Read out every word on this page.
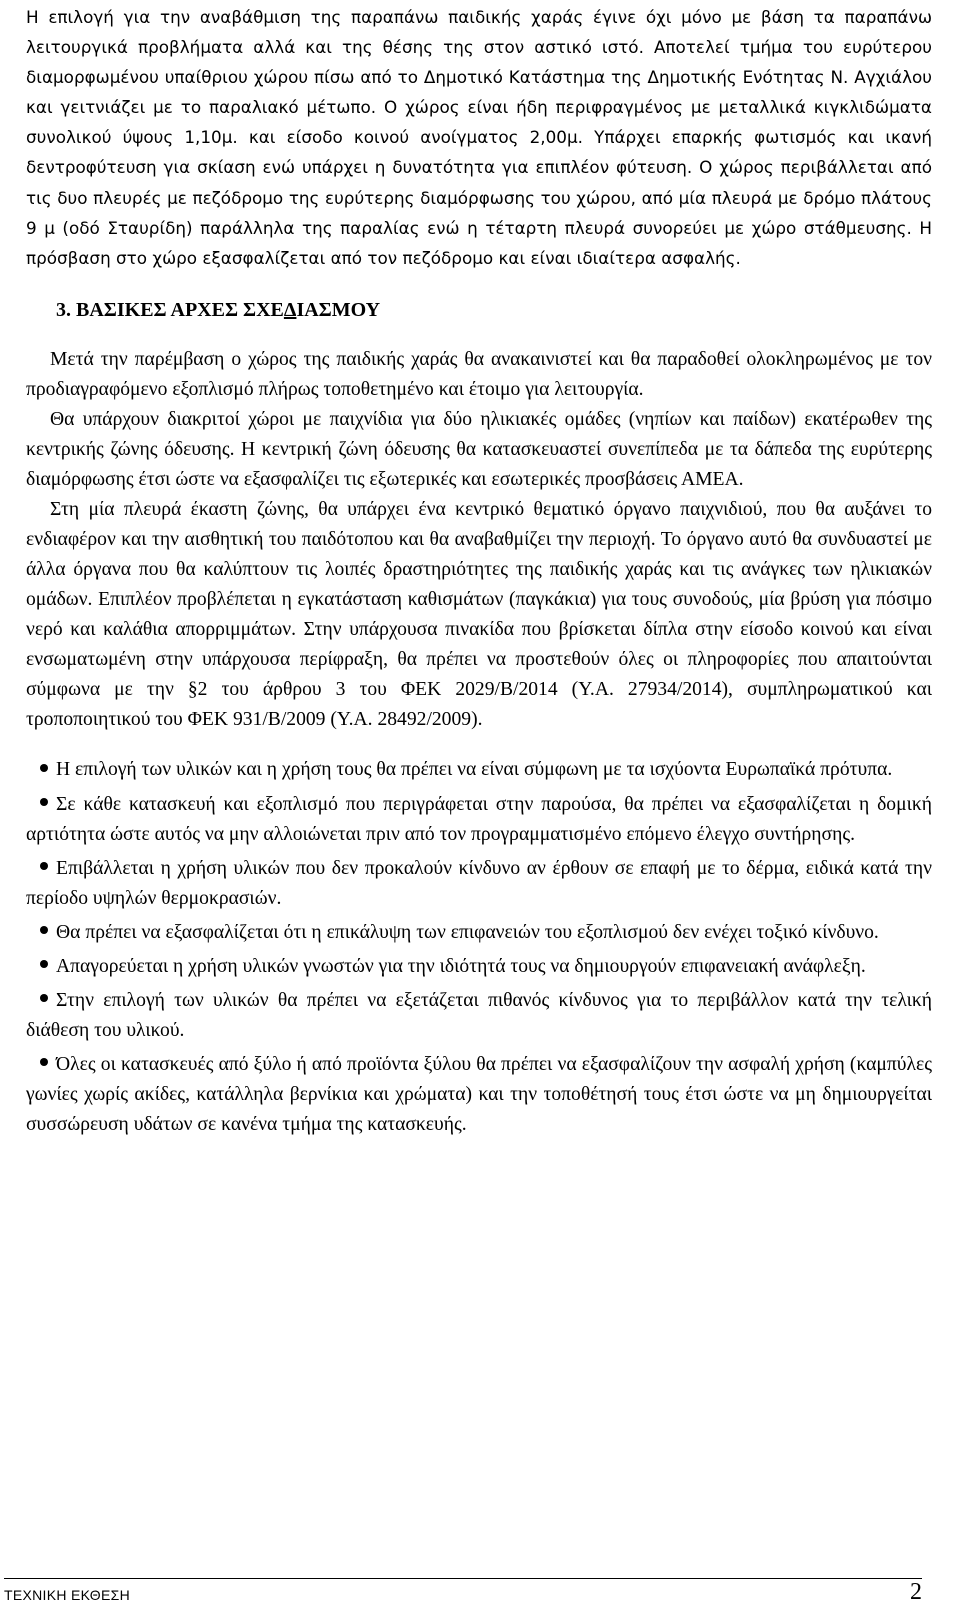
Η επιλογή για την αναβάθμιση της παραπάνω παιδικής χαράς έγινε όχι μόνο με βάση τα παραπάνω λειτουργικά προβλήματα αλλά και της θέσης της στον αστικό ιστό. Αποτελεί τμήμα του ευρύτερου διαμορφωμένου υπαίθριου χώρου πίσω από το Δημοτικό Κατάστημα της Δημοτικής Ενότητας Ν. Αγχιάλου και γειτνιάζει με το παραλιακό μέτωπο. Ο χώρος είναι ήδη περιφραγμένος με μεταλλικά κιγκλιδώματα συνολικού ύψους 1,10μ. και είσοδο κοινού ανοίγματος 2,00μ. Υπάρχει επαρκής φωτισμός και ικανή δεντροφύτευση για σκίαση ενώ υπάρχει η δυνατότητα για επιπλέον φύτευση. Ο χώρος περιβάλλεται από τις δυο πλευρές με πεζόδρομο της ευρύτερης διαμόρφωσης του χώρου, από μία πλευρά με δρόμο πλάτους 9 μ (οδό Σταυρίδη) παράλληλα της παραλίας ενώ η τέταρτη πλευρά συνορεύει με χώρο στάθμευσης. Η πρόσβαση στο χώρο εξασφαλίζεται από τον πεζόδρομο και είναι ιδιαίτερα ασφαλής.

3. ΒΑΣΙΚΕΣ ΑΡΧΕΣ ΣΧΕΔΙΑΣΜΟΥ

Μετά την παρέμβαση ο χώρος της παιδικής χαράς θα ανακαινιστεί και θα παραδοθεί ολοκληρωμένος με τον προδιαγραφόμενο εξοπλισμό πλήρως τοποθετημένο και έτοιμο για λειτουργία.

Θα υπάρχουν διακριτοί χώροι με παιχνίδια για δύο ηλικιακές ομάδες (νηπίων και παίδων) εκατέρωθεν της κεντρικής ζώνης όδευσης. Η κεντρική ζώνη όδευσης θα κατασκευαστεί συνεπίπεδα με τα δάπεδα της ευρύτερης διαμόρφωσης έτσι ώστε να εξασφαλίζει τις εξωτερικές και εσωτερικές προσβάσεις ΑΜΕΑ.

Στη μία πλευρά έκαστη ζώνης, θα υπάρχει ένα κεντρικό θεματικό όργανο παιχνιδιού, που θα αυξάνει το ενδιαφέρον και την αισθητική του παιδότοπου και θα αναβαθμίζει την περιοχή. Το όργανο αυτό θα συνδυαστεί με άλλα όργανα που θα καλύπτουν τις λοιπές δραστηριότητες της παιδικής χαράς και τις ανάγκες των ηλικιακών ομάδων. Επιπλέον προβλέπεται η εγκατάσταση καθισμάτων (παγκάκια) για τους συνοδούς, μία βρύση για πόσιμο νερό και καλάθια απορριμμάτων. Στην υπάρχουσα πινακίδα που βρίσκεται δίπλα στην είσοδο κοινού και είναι ενσωματωμένη στην υπάρχουσα περίφραξη, θα πρέπει να προστεθούν όλες οι πληροφορίες που απαιτούνται σύμφωνα με την §2 του άρθρου 3 του ΦΕΚ 2029/Β/2014 (Υ.Α. 27934/2014), συμπληρωματικού και τροποποιητικού του ΦΕΚ 931/Β/2009 (Υ.Α. 28492/2009).

Η επιλογή των υλικών και η χρήση τους θα πρέπει να είναι σύμφωνη με τα ισχύοντα Ευρωπαϊκά πρότυπα.
Σε κάθε κατασκευή και εξοπλισμό που περιγράφεται στην παρούσα, θα πρέπει να εξασφαλίζεται η δομική αρτιότητα ώστε αυτός να μην αλλοιώνεται πριν από τον προγραμματισμένο επόμενο έλεγχο συντήρησης.
Επιβάλλεται η χρήση υλικών που δεν προκαλούν κίνδυνο αν έρθουν σε επαφή με το δέρμα, ειδικά κατά την περίοδο υψηλών θερμοκρασιών.
Θα πρέπει να εξασφαλίζεται ότι η επικάλυψη των επιφανειών του εξοπλισμού δεν ενέχει τοξικό κίνδυνο.
Απαγορεύεται η χρήση υλικών γνωστών για την ιδιότητά τους να δημιουργούν επιφανειακή ανάφλεξη.
Στην επιλογή των υλικών θα πρέπει να εξετάζεται πιθανός κίνδυνος για το περιβάλλον κατά την τελική διάθεση του υλικού.
Όλες οι κατασκευές από ξύλο ή από προϊόντα ξύλου θα πρέπει να εξασφαλίζουν την ασφαλή χρήση (καμπύλες γωνίες χωρίς ακίδες, κατάλληλα βερνίκια και χρώματα) και την τοποθέτησή τους έτσι ώστε να μη δημιουργείται συσσώρευση υδάτων σε κανένα τμήμα της κατασκευής.
ΤΕΧΝΙΚΗ ΕΚΘΕΣΗ	2
